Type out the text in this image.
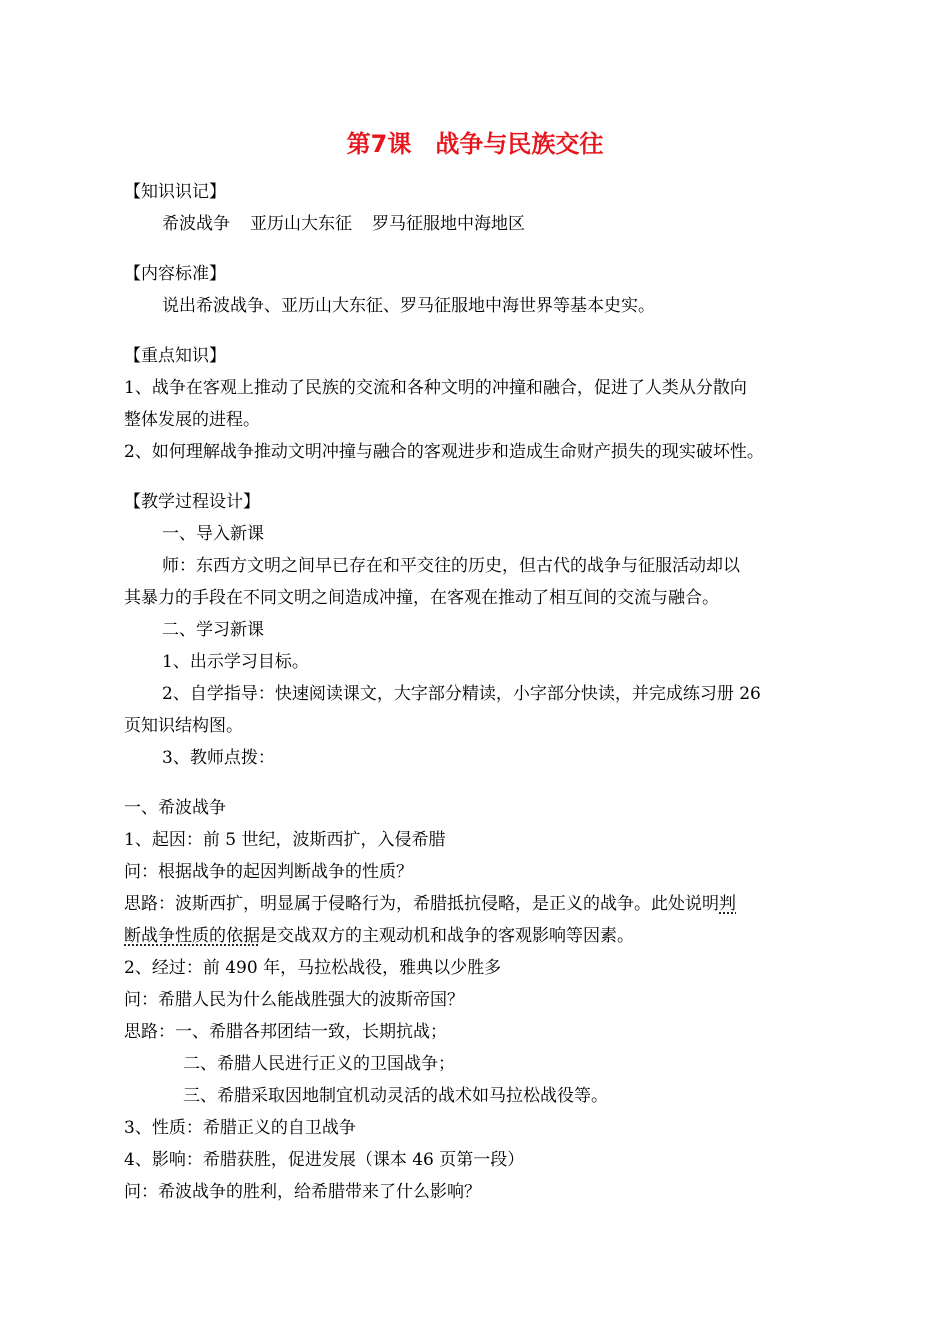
第7课 战争与民族交往
【知识识记】
希波战争 亚历山大东征 罗马征服地中海地区
【内容标准】
说出希波战争、亚历山大东征、罗马征服地中海世界等基本史实。
【重点知识】
1、战争在客观上推动了民族的交流和各种文明的冲撞和融合，促进了人类从分散向
整体发展的进程。
2、如何理解战争推动文明冲撞与融合的客观进步和造成生命财产损失的现实破坏性。
【教学过程设计】
一、导入新课
师：东西方文明之间早已存在和平交往的历史，但古代的战争与征服活动却以
其暴力的手段在不同文明之间造成冲撞，在客观在推动了相互间的交流与融合。
二、学习新课
1、出示学习目标。
2、自学指导：快速阅读课文，大字部分精读，小字部分快读，并完成练习册 26
页知识结构图。
3、教师点拨：
一、希波战争
1、起因：前 5 世纪，波斯西扩，入侵希腊
问：根据战争的起因判断战争的性质？
思路：波斯西扩，明显属于侵略行为，希腊抵抗侵略，是正义的战争。此处说明判
断战争性质的依据是交战双方的主观动机和战争的客观影响等因素。
2、经过：前 490 年，马拉松战役，雅典以少胜多
问：希腊人民为什么能战胜强大的波斯帝国？
思路：一、希腊各邦团结一致，长期抗战；
二、希腊人民进行正义的卫国战争；
三、希腊采取因地制宜机动灵活的战术如马拉松战役等。
3、性质：希腊正义的自卫战争
4、影响：希腊获胜，促进发展（课本 46 页第一段）
问：希波战争的胜利，给希腊带来了什么影响？
